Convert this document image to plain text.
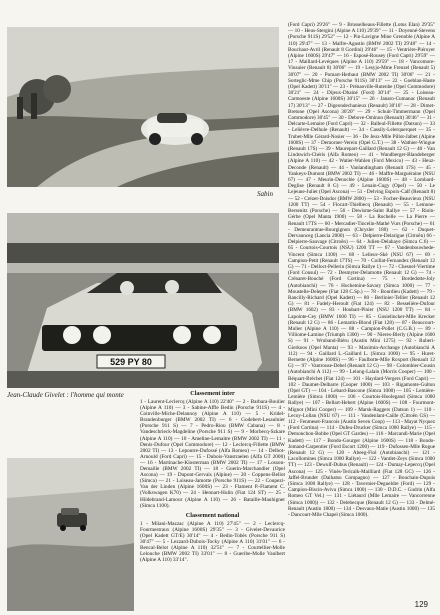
Sabin
529 PY 80
Jean-Claude Givelet : l'homme qui monte	Classement inter

1 - Laurent-Leclercq (Alpine A 110) 22'40" — 2 - Barbara-Boulier (Alpine A 110) — 3 - Sabine-Affle Bedin (Porsche 911S) — 4 - Coinville-Miche-Delannoy (Alpine A 110) — 5 - Kridel-Brandenburger (BMW 2002 TI) — 6 - Godebert-Lesaulnier (Porsche 911 S) — 7 - Pedro-Riou (BMW Cabana) — 8 - Vandeschrieck-Magdeline (Porsche 911 S) — 9 - Morbecq-Szkare (Alpine A 110) — 10 - Ameline-Lemaitre (BMW 2002 TI) — 11 - Denis-Dufour (Opel Commodore) — 12 - Leclercq-Fillette (BMW 2002 TI) — 13 - Lepoutre-Dufossé (Alfa Romeo) — 14 - Delbot-Arnould (Ford Capri) — 15 - Dubois-Vanstraelen (Alfa GT 2000) — 16 - Martinache-Klosterman (BMW 2002 TI) — 17 - Losson-Demaille (BMW 2002 TI) — 18 - Guerin-Marchandier (Opel Ascona) — 19 - Dupont-Gervais (Alpine) — 20 - Coppens-Bellot (Simca) — 21 - Loiseau-Jamotte (Porsche 911S) — 22 - Coupezi-Van der Linden (Alpine 1600S) — 23 - Flament P.-Flament C. (Volkswagen K70) — 24 - Hennart-Hulin (Fiat 124 ST) — 25 - Hildebrand-Lamour (Alpine A 110) — 26 - Bataille-Mauhigner (Simca 1100).

Classement national

1 - Milani-Mazzac (Alpine A 110) 27'45" — 2 - Leclercq-Fourmestraux (Alpine 1600S) 29'35" — 3 - Givelet-Devaurice (Opel Kadett GT/E) 30'14" — 4 - Bedin-Tobès (Porsche 911 S) 30'47" — 5 - Lezzard-Dubois-Tocky (Alpine A 110) 31'01" — 6 - Bencal-Belot (Alpine A 110) 32'51" — 7 - Courtellier-Molle Lelouche (BMW 2002 TI) 33'01" — 8 - Gueribe-Molle Vaulbert (Alpine A 110) 33'14".

(Ford Capri) 29'26" — 9 - Brusselheaus-Fillette (Lotus Elan) 29'35" — 10 - Heus-Stergini (Alpine A 110) 29'39" — 11 - Doyenné-Stevens (Porsche 911S) 29'52" — 12 - Pin-Lavigne Mine Grenoble (Alpine A 110) 29'47" — 13 - Malfre-Agustin (BMW 2002 TI) 29'48" — 14 - Bouchaut-Avril (Renault 8 Gordini) 29'46" — 15 - Ventrière-Piéroyer (Alpine 1600S) 29'47" — 16 - Esposé-Rousey (Ford Capri) 29'59" — 17 - Maillard-Levéques (Alpine A 110) 29'59" — 18 - Vancomore-Vinsuier (Renault 8) 30'06" — 19 - Lesyjo-Mme Frenzel (Renault 5) 30'07" — 20 - Pomart-Herbaut (BMW 2002 TI) 30'06" — 21 - Sorteglic-Mme Chip (Porsche 911S) 30'13" — 22 - Goeblan-Haste (Opel Kadett) 30'11" — 23 - Prénaoville-Rutenbe (Opel Commodore) 30'21" — 24 - Dijeux-Dhainé (Ford) 30'14" — 25 - Loiseau-Carmoeste (Alpine 1600S) 30'15" — 26 - Janaro-Cumanac (Renault 17) 30'13" — 27 - Digeondechanieux (Renault) 30'16" — 28 - Dimet-Bretone (Opel Ascona) 30'20" — 29 - Schuit-Timmermann (Opel Commodore) 30'45" — 30 - Debove-Ominon (Renault) 30'46" — 31 - Delcarte-Lemaire (Ford Capri) — 32 - Balleul-Fillette (Datsun) — 33 - Lelièvre-Delhule (Renault) — 34 - Cassily-Lelerquerquet — 35 - Trubet-Mlle Gérard-Nosier — 36 - De Jeux-Mlle Pillot-Jalbet (Alpine 1600S) — 37 - Demorner-Verein (Opel G.T.) — 38 - Wathier-Wingue (Renault 17S) — 39 - Maurepart-Gaillard (Renault 12 G) — 40 - Van Lindswich-Chéris (Alfa Romeo) — 41 - Wandberger-Blandeberger (Alpine A 110) — 42 - Watier-Wahlen (Ford Mexico) — 43 - Heuz-Deconde (Renault) — 44 - Vanlandingham (Renault 17S) — 45 - Yankeys-Dumont (BMW 2002 TI) — 46 - Maffre-Marguéraine (NSU 67) — 47 - Meurin-Denoclée (Alpine 1600S) — 48 - Lombard-Deglise (Renault 8 G) — 49 - Lenain-Cugy (Opel) — 50 - Le Lejeune-Juliet (Opel Ascona) — 51 - Delving Espoix-Calf (Renault 8) — 52 - Crézet-Doisdor (BMW 2800) — 53 - Focher-Beauvieux (NSU 1200 TT) — 54 - Flocart-Thielbecq (Renault) — 55 - Lemone-Bersenitz (Porsche) — 56 - Dewisme-Saint Rallye — 57 - Rioin-Gérbe (Opel Manta 1900) — 58 - La Rochelle — La Pierre — Renault 17TS — 60 - Mercadier-Tincelin-Mathé Vurs (Porsche) — 61 - Demeurantrae-Bourgignon (Chrysler 180) — 62 - Duquet-Dervaunceg (Lancia 2000) — 63 - Delpierre-Delarigue (Citroën) 66 - Delpierre-Sauvage (Citroën) — 64 - Julien-Delahaye (Simca C.6) — 65 - Courtois-Courtois (NSU) 1200 TT — 67 - Vandenbouwhede-Vincent (Simca 1100) — 68 - Lelieuv-Skè (NSU 67) — 69 - Campion-Petit (Renault 17TS) — 70 - Coillat-Fernandez (Renault 12 G) — 71 - Delloct-Pellerin (Simca Rallye 1) — 72 - Chesnel-Viertime (Ford Consul) — 72 - Desmyter-Delamotte (Renault 12 G) — 74 - Crénaret-Bouché (Ford Cortina) — 75 - Bordedotte-Joly (Autobianchi) — 76 - Hochemine-Savary (Simca 1000) — 77 - Moustelle-Delepee (Fiat 128 C.Sp.) — 78 - Bourdieu (Kadett) — 79 - Rancilly-Richard (Opel Kadett) — 80 - Berlinier-Tellier (Renault 12 G) — 81 - Fadely-Heroult (Fiat 124) — 82 - Besselière-Dufour (BMW 1602) — 83 - Houbart-Pinier (NSU 1200 TT) — 84 - Lapointe-Cey (BMW 1600 TI) — 85 - Gosielincker-Mlle Krecker (Renault 12 G) — 86 - Lemartin-Blond (Fiat 128) — 87 - Beaucourt-Mulier (Alpine A 110) — 88 - Campion-Pollet (C.G.B.) — 89 - Villiome-Lamine (Triumph 1300) — 90 - Nieres-Blerly (Alpine 1600 S) — 91 - Wruband-Biéru (Austin Mini 1275) — 92 - Ruberi-Gierkoos (Opel Manta) — 93 - Maximin-Archange (Autobianchi A 112) — 94 - Gaillard L.-Gaillard L. (Simca 1000) — 95 - Huret-Bernette (Alpine 1600S) — 96 - Faulbotte-Mlle Roxport (Renault 12 G) — 97 - Vantrouse-Debel (Renault 12 G) — 98 - Colombier-Cousin (Autobianchi A 112) — 99 - Lelong-Lalain (Morris Cooper) — 100 - Béquart-Bréchet (Fiat 124) — 101 - Haydard-Vergers (Ford Capri) — 102 - Daumet-Delbarre (Cooper 1000) — 103 - Rigamonte-Gulton (Opel GT) — 104 - Lebard-Bascone (Simca 1000) — 105 - Lemière-Lemière (Simca 1000) — 106 - Courtois-Hoolegand (Simca 1000 Rallye) — 107 - Bellart-Hebert (Alpine 1600S) — 108 - Fourmont-Mignot (Mini Cooper) — 109 - Marsk-Raggers (Datsun 1) — 110 - Lecoy-Lollan (NSU 67) — 111 - Vandenlant-Caille (Citroën GS) — 112 - Fenmeset-Francois (Austin Seven Coop) — 113 - Mayat Nyquez (Ford Cortina) — 114 - Dufeu-Drucker (Simca 1000 Rallye) — 115 - Demonchon-Bobbe (Opel GT Gardes) — 116 - Marcandi-Marie (Opel Kadett) — 117 - Bondo-Gourger (Alpine 1600S) — 118 - Bondo-Jomand-Carpentier (Ford Escort 1200) — 119 - Dufossen-Mlle Rogue (Renault 12 G) — 120 - Abeeg-Fiol (Autobianchi) — 121 - Lacollomines (Simca 1000 Rallye) — 122 - Vantlet-Zeys (Simca 1000 TT) — 123 - Dewulf-Dubus (Renault) — 124 - Dumay-Lepercq (Opel Ascona) — 125 - Vinès-Tericalk-Mailliard (Fiat 128 GC) — 126 - Jaffel-Brundet (Daihatsu Compagno) — 127 - Bouchain-Dupuis (Simca 1000 Rallye) — 128 - Tavernier-Degueldre (Ford) — 129 - Campion-Biscin-Aviva (Simca 1000) — 130 - D.D.C. - Gudrin (Alfa Romeo GT Vel.) — 131 - Liétaurd (Mlle Lemaire — Vancorrenne (Simca 1000)) — 132 - Delebecque (Renault 12 G) — 133 - Delmé-Renault (Austin 1800) — 134 - Desvaux-Matie (Austin 1000) — 135 - Dancourt-Mlle Chapel (Simca 1000).

129
